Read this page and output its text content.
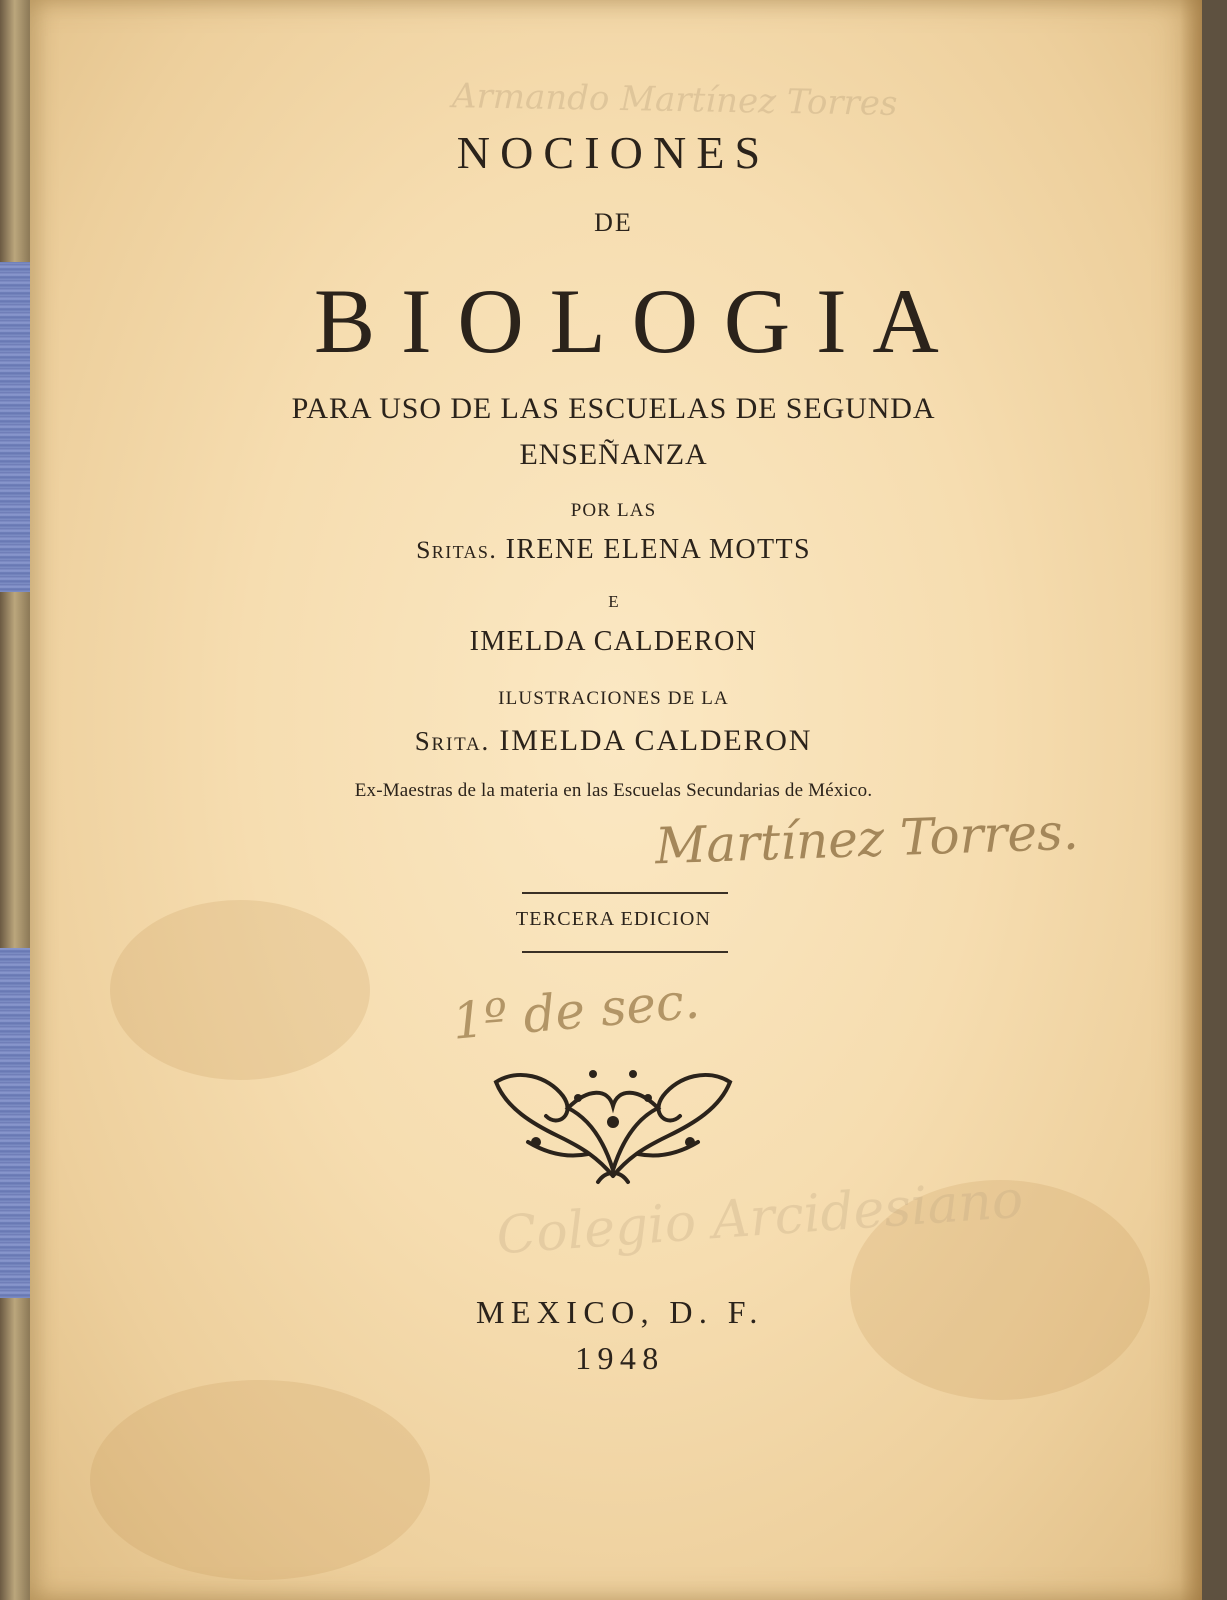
Armando Martínez Torres
NOCIONES
DE
BIOLOGIA
PARA USO DE LAS ESCUELAS DE SEGUNDA
ENSEÑANZA
POR LAS
Sritas. IRENE ELENA MOTTS
E
IMELDA CALDERON
ILUSTRACIONES DE LA
Srita. IMELDA CALDERON
Ex-Maestras de la materia en las Escuelas Secundarias de México.
Martínez Torres.
TERCERA EDICION
1º de sec.
Colegio Arcidesiano
MEXICO, D. F.
1948
